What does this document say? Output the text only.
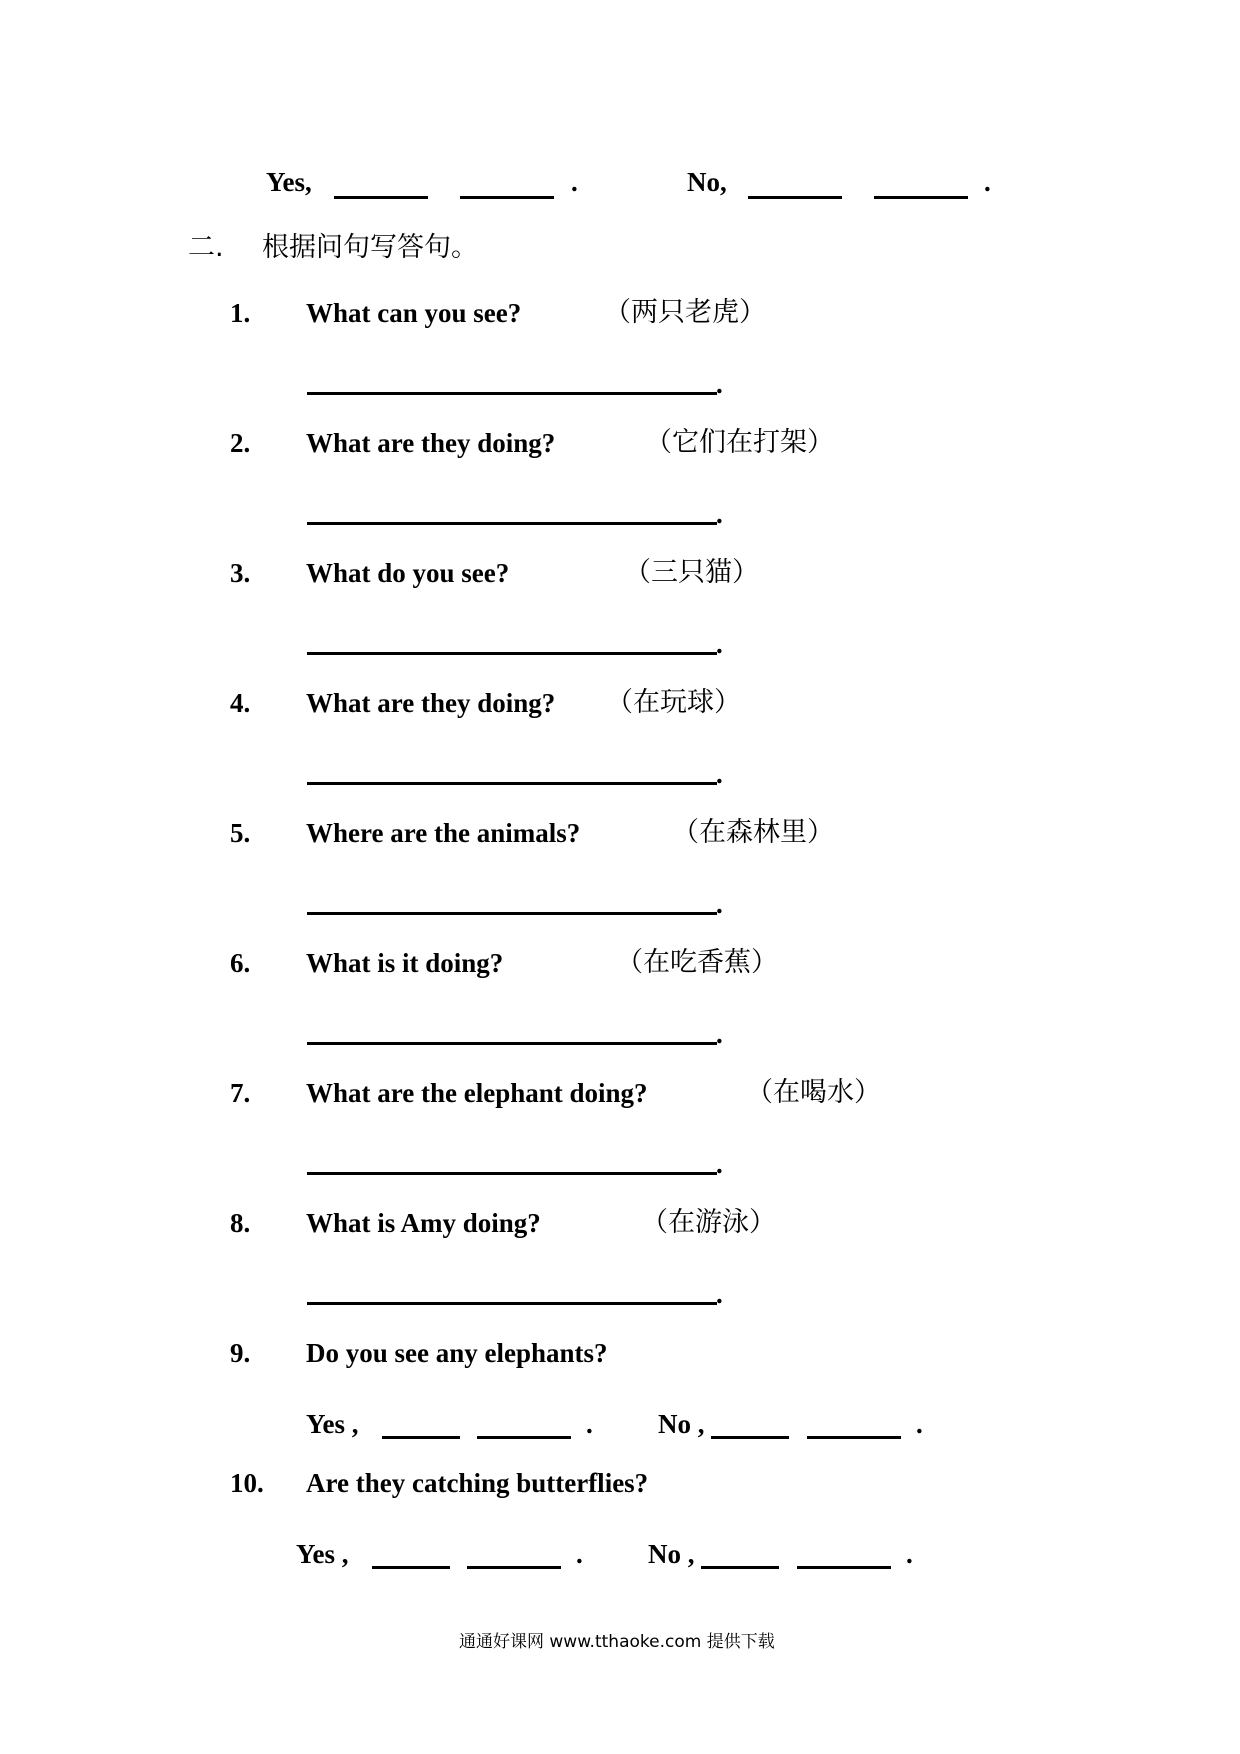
Yes,	.	No,	.
二. 根据问句写答句。
1. What can you see?	（两只老虎）
.
2. What are they doing?	（它们在打架）
.
3. What do you see?	（三只猫）
.
4. What are they doing? （在玩球）
.
5. Where are the animals?	（在森林里）
.
6. What is it doing?	（在吃香蕉）
.
7. What are the elephant doing?	（在喝水）
.
8. What is Amy doing?	（在游泳）
.
9. Do you see any elephants?
Yes ,	. No ,	.
10. Are they catching butterflies?
Yes ,	. No ,	.
通通好课网 www.tthaoke.com 提供下载
